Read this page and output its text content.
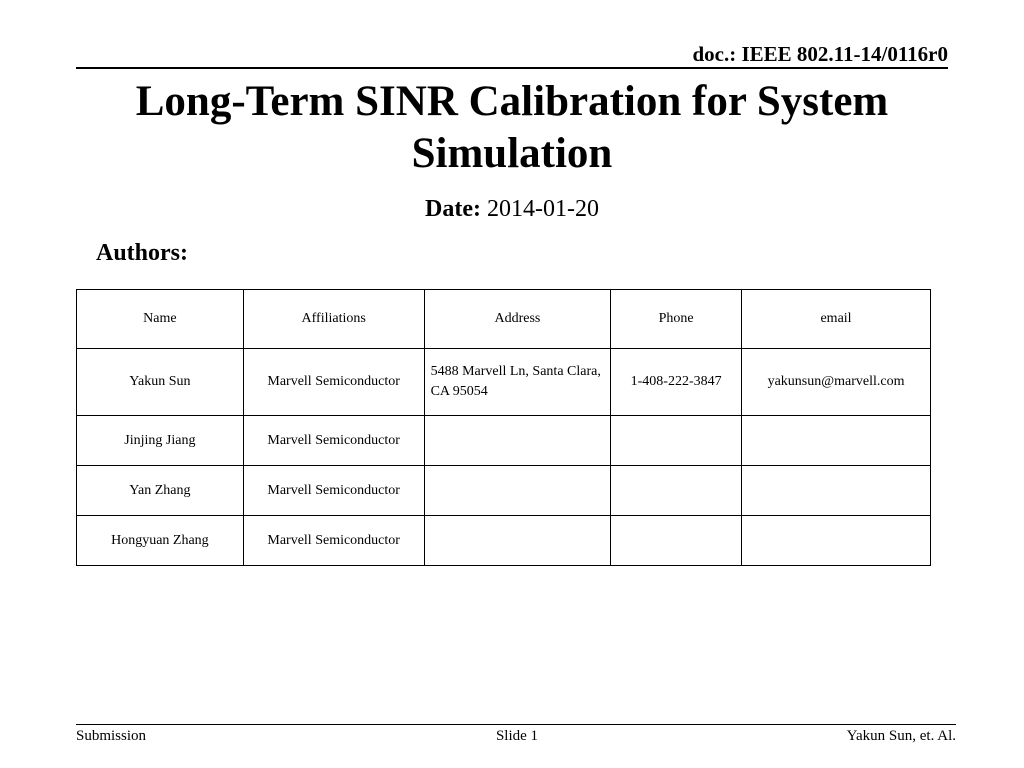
doc.: IEEE 802.11-14/0116r0
Long-Term SINR Calibration for System Simulation
Date: 2014-01-20
Authors:
Name	Affiliations	Address	Phone	email
Yakun Sun	Marvell Semiconductor	5488 Marvell Ln, Santa Clara, CA 95054	1-408-222-3847	yakunsun@marvell.com
Jinjing Jiang	Marvell Semiconductor			
Yan Zhang	Marvell Semiconductor			
Hongyuan Zhang	Marvell Semiconductor			
Submission	Slide 1	Yakun Sun, et. Al.
